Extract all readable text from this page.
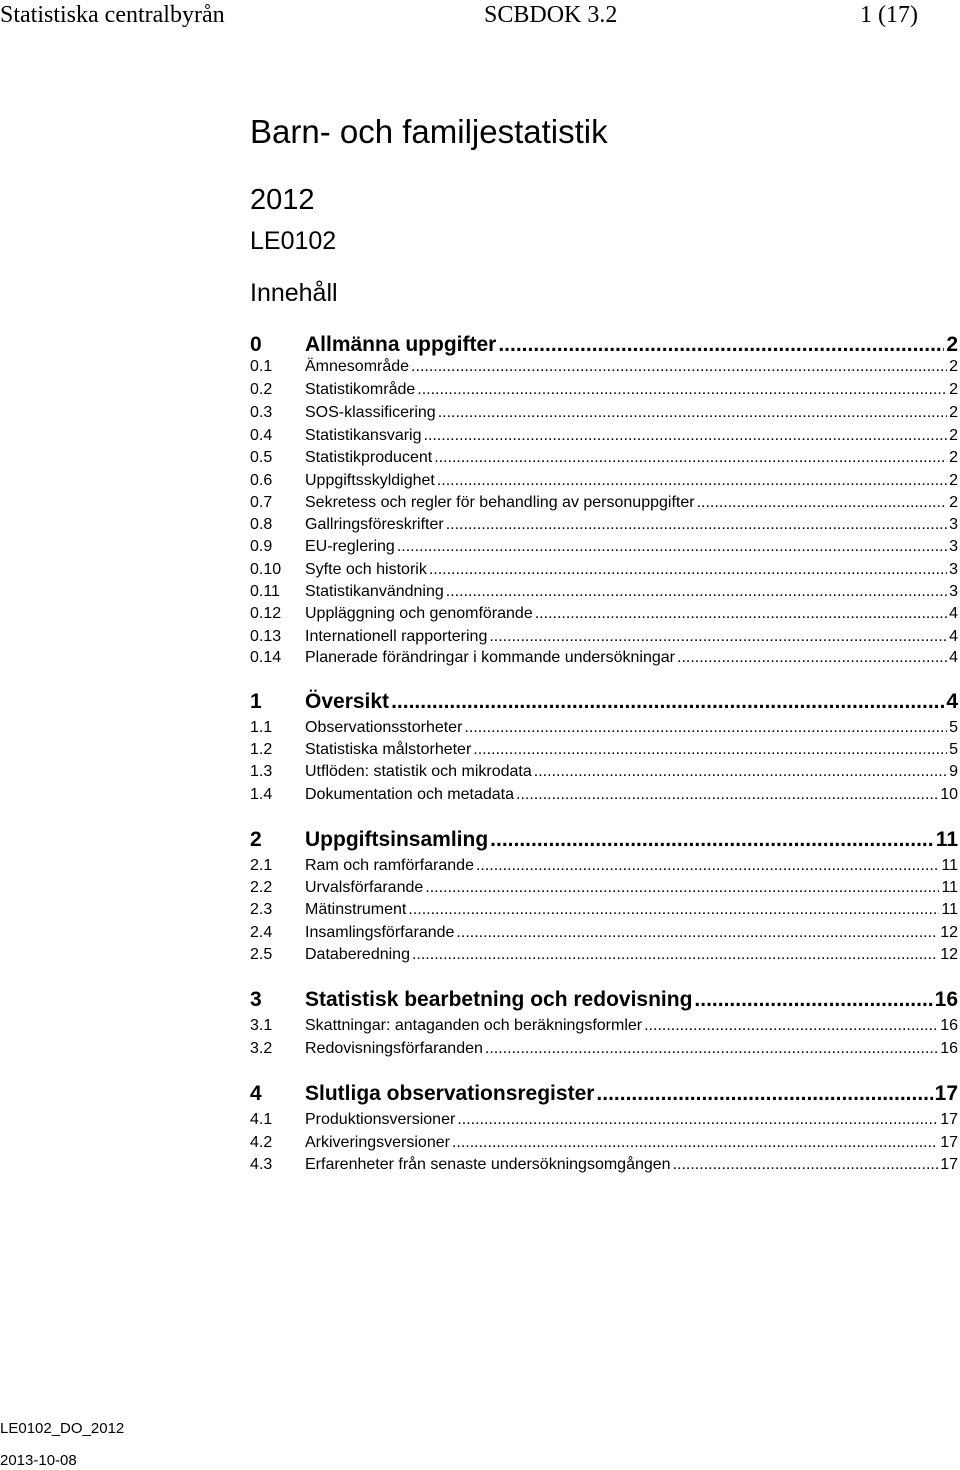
Statistiska centralbyrån	SCBDOK 3.2	1 (17)
Barn- och familjestatistik
2012
LE0102
Innehåll
0	Allmänna uppgifter .....	2
0.1	Ämnesområde .....	2
0.2	Statistikområde .....	2
0.3	SOS-klassificering .....	2
0.4	Statistikansvarig .....	2
0.5	Statistikproducent .....	2
0.6	Uppgiftsskyldighet .....	2
0.7	Sekretess och regler för behandling av personuppgifter .....	2
0.8	Gallringsföreskrifter .....	3
0.9	EU-reglering .....	3
0.10	Syfte och historik .....	3
0.11	Statistikanvändning .....	3
0.12	Uppläggning och genomförande .....	4
0.13	Internationell rapportering .....	4
0.14	Planerade förändringar i kommande undersökningar .....	4
1	Översikt .....	4
1.1	Observationsstorheter .....	5
1.2	Statistiska målstorheter .....	5
1.3	Utflöden: statistik och mikrodata .....	9
1.4	Dokumentation och metadata .....	10
2	Uppgiftsinsamling .....	11
2.1	Ram och ramförfarande .....	11
2.2	Urvalsförfarande .....	11
2.3	Mätinstrument .....	11
2.4	Insamlingsförfarande .....	12
2.5	Databeredning .....	12
3	Statistisk bearbetning och redovisning .....	16
3.1	Skattningar: antaganden och beräkningsformler .....	16
3.2	Redovisningsförfaranden .....	16
4	Slutliga observationsregister .....	17
4.1	Produktionsversioner .....	17
4.2	Arkiveringsversioner .....	17
4.3	Erfarenheter från senaste undersökningsomgången .....	17
LE0102_DO_2012
2013-10-08
